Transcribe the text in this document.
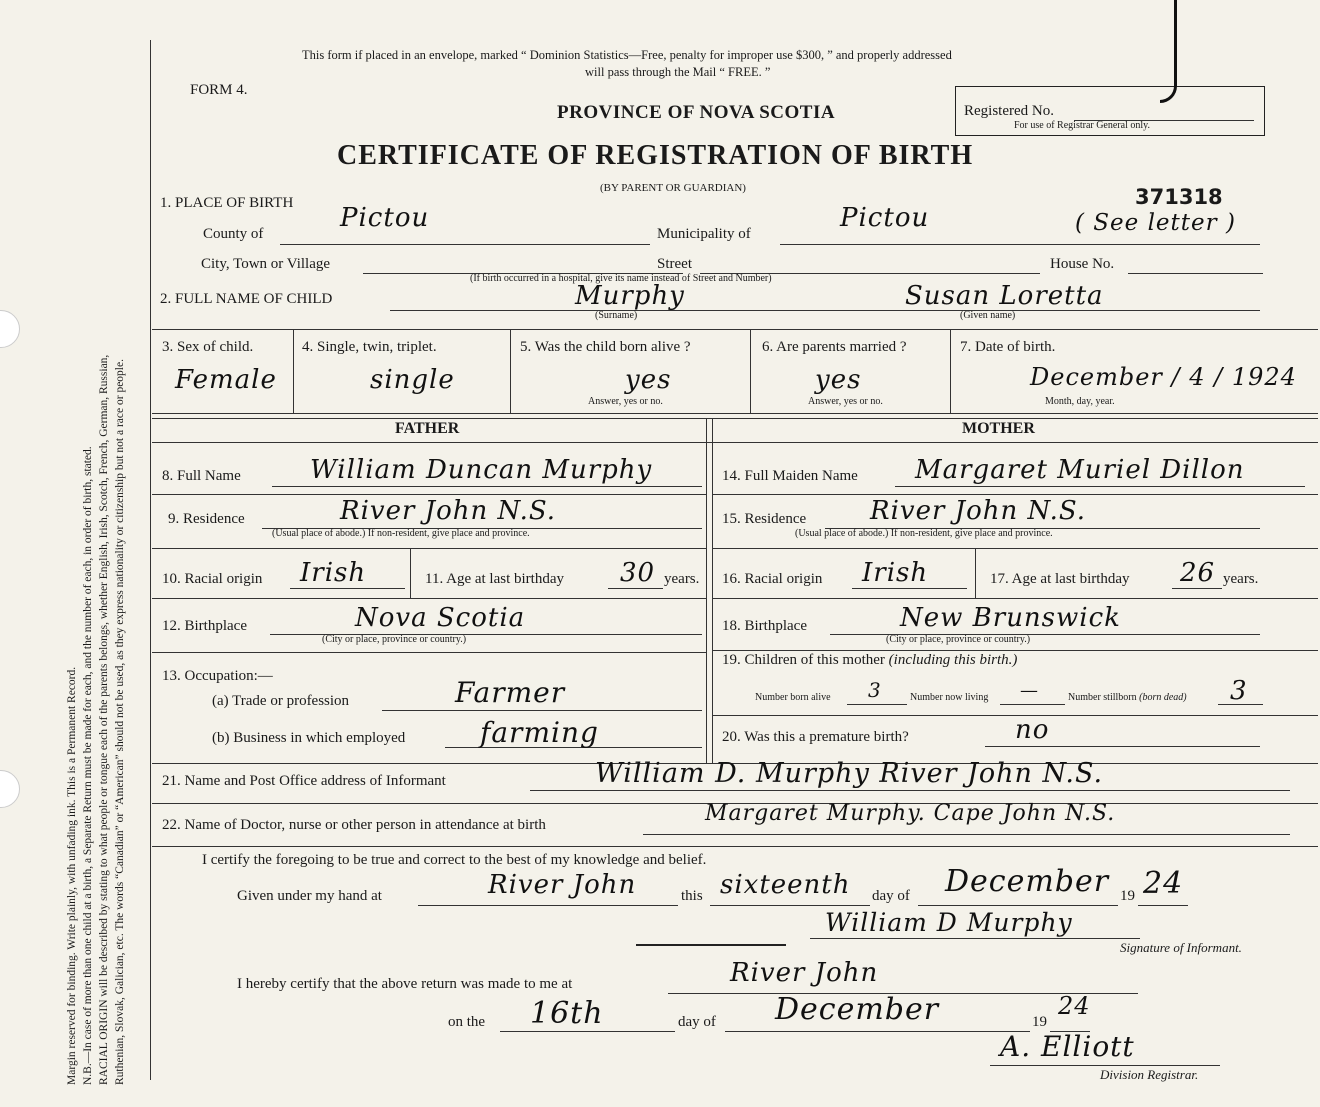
Margin reserved for binding. Write plainly, with unfading ink. This is a Permanent Record. N.B.—In case of more than one child at a birth, a Separate Return must be made for each, and the number of each, in order of birth, stated. RACIAL ORIGIN will be described by stating to what people or tongue each of the parents belongs, whether English, Irish, Scotch, French, German, Russian, Ruthenian, Slovak, Galician, etc. The words “Canadian” or “American” should not be used, as they express nationality or citizenship but not a race or people.
This form if placed in an envelope, marked “ Dominion Statistics—Free, penalty for improper use $300, ” and properly addressed
will pass through the Mail “ FREE. ”
FORM 4.
PROVINCE OF NOVA SCOTIA
CERTIFICATE OF REGISTRATION OF BIRTH
(BY PARENT OR GUARDIAN)
Registered No.
For use of Registrar General only.
371318
1. PLACE OF BIRTH
County of
Pictou
Municipality of
Pictou	( See letter )
City, Town or Village	Street	House No.
(If birth occurred in a hospital, give its name instead of Street and Number)
2. FULL NAME OF CHILD	Murphy
(Surname)
Susan Loretta
(Given name)
3. Sex of child.
Female
4. Single, twin, triplet.
single
5. Was the child born alive ?
yes
Answer, yes or no.
6. Are parents married ?
yes
Answer, yes or no.
7. Date of birth.
December / 4 / 1924
Month, day, year.
FATHER	MOTHER
8. Full Name	William Duncan Murphy
9. Residence	River John N.S.
(Usual place of abode.) If non-resident, give place and province.
10. Racial origin Irish	11. Age at last birthday 30 years.
12. Birthplace	Nova Scotia
(City or place, province or country.)
13. Occupation:—
(a) Trade or profession	Farmer
(b) Business in which employed	farming
14. Full Maiden Name Margaret Muriel Dillon
15. Residence River John N.S.
(Usual place of abode.) If non-resident, give place and province.
16. Racial origin Irish	17. Age at last birthday 26 years.
18. Birthplace	New Brunswick
(City or place, province or country.)
19. Children of this mother (including this birth.)
Number born alive 3	Number now living —	Number stillborn (born dead) 3
20. Was this a premature birth?	no
21. Name and Post Office address of Informant	William D. Murphy River John N.S.
22. Name of Doctor, nurse or other person in attendance at birth	Margaret Murphy. Cape John N.S.
I certify the foregoing to be true and correct to the best of my knowledge and belief.
Given under my hand at	River John	this sixteenth day of December 19 24
William D Murphy
Signature of Informant.
I hereby certify that the above return was made to me at	River John
on the 16th	day of December	19
24
A. Elliott
Division Registrar.
